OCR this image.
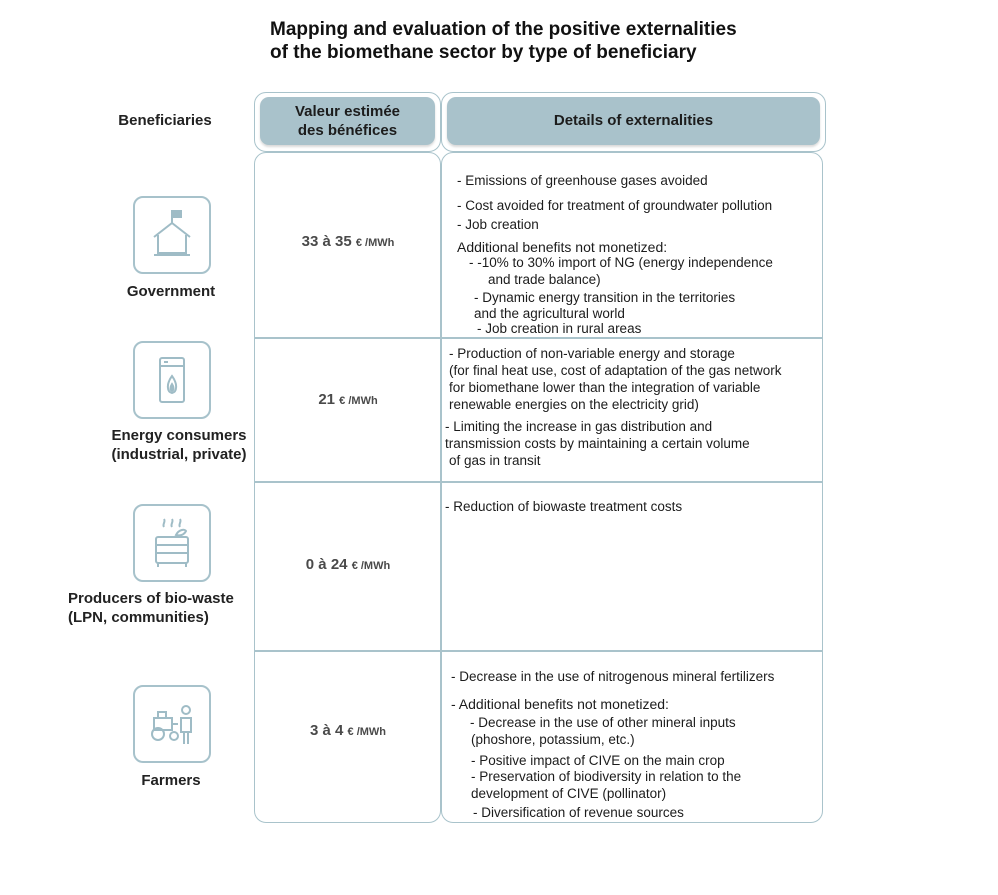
Mapping and evaluation of the positive externalities
of the biomethane sector by type of beneficiary
Beneficiaries
Valeur estimée
des bénéfices
Details of externalities
Government
33 à 35 € /MWh
- Emissions of greenhouse gases avoided
- Cost avoided for treatment of groundwater pollution
- Job creation
Additional benefits not monetized:
- -10% to 30% import of NG (energy independence
and trade balance)
- Dynamic energy transition in the territories
and the agricultural world
- Job creation in rural areas
Energy consumers
(industrial, private)
21 € /MWh
- Production of non-variable energy and storage
(for final heat use, cost of adaptation of the gas network
for biomethane lower than the integration of variable
renewable energies on the electricity grid)
- Limiting the increase in gas distribution and
transmission costs by maintaining a certain volume
of gas in transit
Producers of bio-waste
(LPN, communities)
0 à 24 € /MWh
- Reduction of biowaste treatment costs
Farmers
3 à 4 € /MWh
- Decrease in the use of nitrogenous mineral fertilizers
- Additional benefits not monetized:
- Decrease in the use of other mineral inputs
(phoshore, potassium, etc.)
- Positive impact of CIVE on the main crop
- Preservation of biodiversity in relation to the
development of CIVE (pollinator)
- Diversification of revenue sources
